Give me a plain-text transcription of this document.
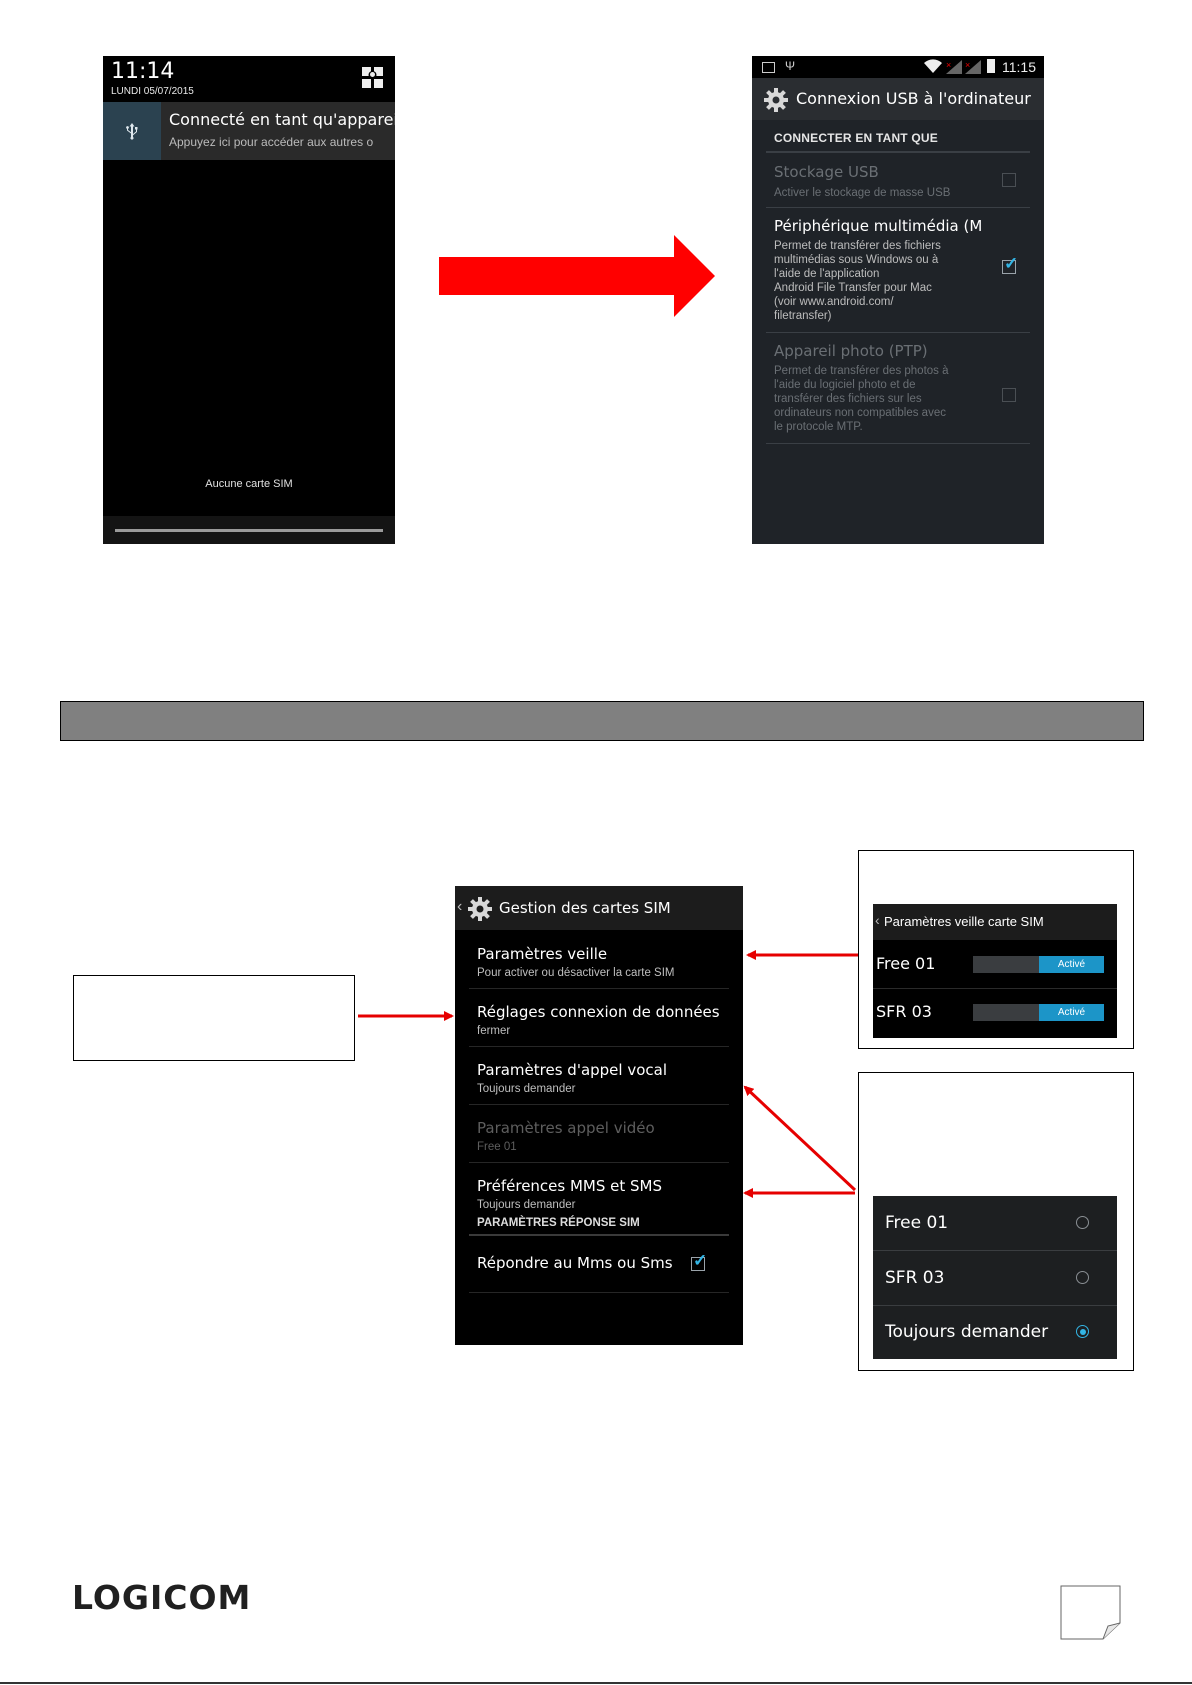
11:14
LUNDI 05/07/2015
Connecté en tant qu'appareil m
Appuyez ici pour accéder aux autres o
Aucune carte SIM
Ψ	× × 11:15
Connexion USB à l'ordinateur
CONNECTER EN TANT QUE
Stockage USB
Activer le stockage de masse USB
Périphérique multimédia (M
Permet de transférer des fichiers
multimédias sous Windows ou à
l'aide de l'application
Android File Transfer pour Mac
(voir www.android.com/
filetransfer)
✓
Appareil photo (PTP)
Permet de transférer des photos à
l'aide du logiciel photo et de
transférer des fichiers sur les
ordinateurs non compatibles avec
le protocole MTP.
‹ Gestion des cartes SIM
Paramètres veille
Pour activer ou désactiver la carte SIM
Réglages connexion de données
fermer
Paramètres d'appel vocal
Toujours demander
Paramètres appel vidéo
Free 01
Préférences MMS et SMS
Toujours demander
PARAMÈTRES RÉPONSE SIM
Répondre au Mms ou Sms ✓
‹ Paramètres veille carte SIM
Free 01	Activé
SFR 03	Activé
Free 01
SFR 03
Toujours demander
LOGICOM
